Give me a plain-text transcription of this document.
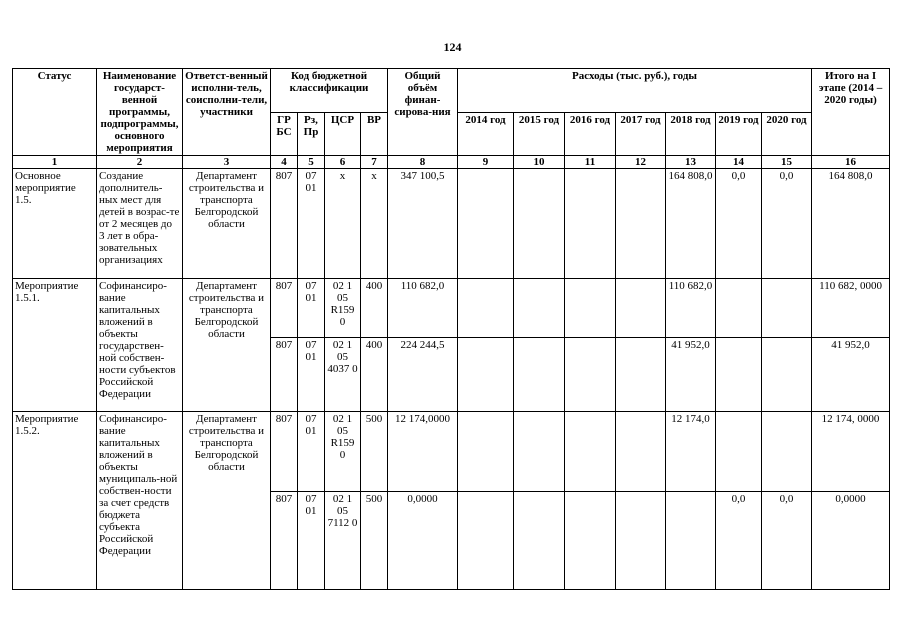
124
Статус	Наименование государст-венной программы, подпрограммы, основного мероприятия	Ответст-венный исполни-тель, соисполни-тели, участники	Код бюджетной классификации				Общий объём финан-сирова-ния	Расходы (тыс. руб.), годы							Итого на I этапе (2014 – 2020 годы)
			ГР БС	Рз, Пр	ЦСР	ВР		2014 год	2015 год	2016 год	2017 год	2018 год	2019 год	2020 год	
1	2	3	4	5	6	7	8	9	10	11	12	13	14	15	16
Основное мероприятие 1.5.	Создание дополнитель-ных мест для детей в возрас-те от 2 месяцев до 3 лет в обра-зовательных организациях	Департамент строительства и транспорта Белгородской области	807	07 01	х	х	347 100,5					164 808,0	0,0	0,0	164 808,0
Мероприятие 1.5.1.	Софинансиро-вание капитальных вложений в объекты государствен-ной собствен-ности субъектов Российской Федерации	Департамент строительства и транспорта Белгородской области	807	07 01	02 1 05 R159 0	400	110 682,0					110 682,0			110 682, 0000
			807	07 01	02 1 05 4037 0	400	224 244,5					41 952,0			41 952,0
Мероприятие 1.5.2.	Софинансиро-вание капитальных вложений в объекты муниципаль-ной собствен-ности за счет средств бюджета субъекта Российской Федерации	Департамент строительства и транспорта Белгородской области	807	07 01	02 1 05 R159 0	500	12 174,0000					12 174,0			12 174, 0000
			807	07 01	02 1 05 7112 0	500	0,0000						0,0	0,0	0,0000
